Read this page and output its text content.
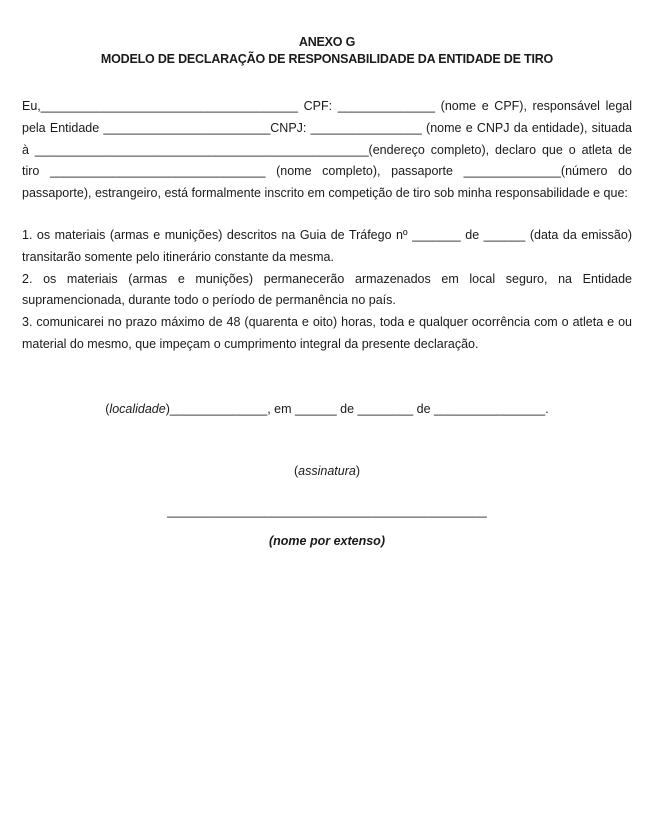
ANEXO G

MODELO DE DECLARAÇÃO DE RESPONSABILIDADE DA ENTIDADE DE TIRO

Eu,_____________________________________ CPF: ______________ (nome e CPF), responsável legal pela Entidade ________________________CNPJ: ________________ (nome e CNPJ da entidade), situada à ________________________________________________(endereço completo), declaro que o atleta de tiro _______________________________ (nome completo), passaporte ______________(número do passaporte), estrangeiro, está formalmente inscrito em competição de tiro sob minha responsabilidade e que:

1. os materiais (armas e munições) descritos na Guia de Tráfego nº _______ de ______ (data da emissão) transitarão somente pelo itinerário constante da mesma.

2. os materiais (armas e munições) permanecerão armazenados em local seguro, na Entidade supramencionada, durante todo o período de permanência no país.

3. comunicarei no prazo máximo de 48 (quarenta e oito) horas, toda e qualquer ocorrência com o atleta e ou material do mesmo, que impeçam o cumprimento integral da presente declaração.

(localidade)______________, em ______ de ________ de ________________.
(assinatura)
______________________________________________
(nome por extenso)
